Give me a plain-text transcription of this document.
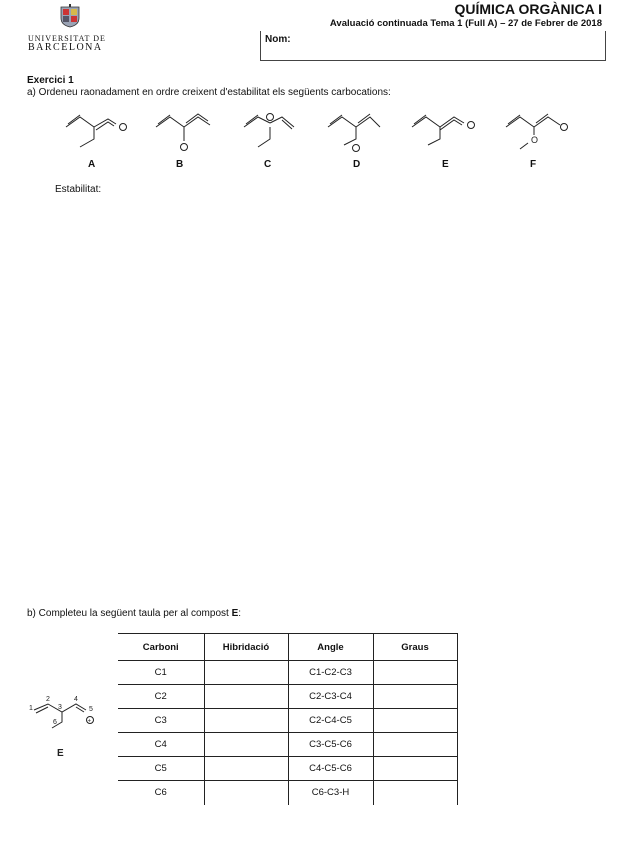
UNIVERSITAT DE
BARCELONA
QUÍMICA ORGÀNICA I
Avaluació continuada Tema 1 (Full A) – 27 de Febrer de 2018
Nom:
Exercici 1
a) Ordeneu raonadament en ordre creixent d'estabilitat els següents carbocations:
O
A	B	C	D	E	F
Estabilitat:
b) Completeu la següent taula per al compost E:
1
2
3
4
5
6	+
E
Carboni	Hibridació	Angle	Graus
C1		C1-C2-C3	
C2		C2-C3-C4	
C3		C2-C4-C5	
C4		C3-C5-C6	
C5		C4-C5-C6	
C6		C6-C3-H	
